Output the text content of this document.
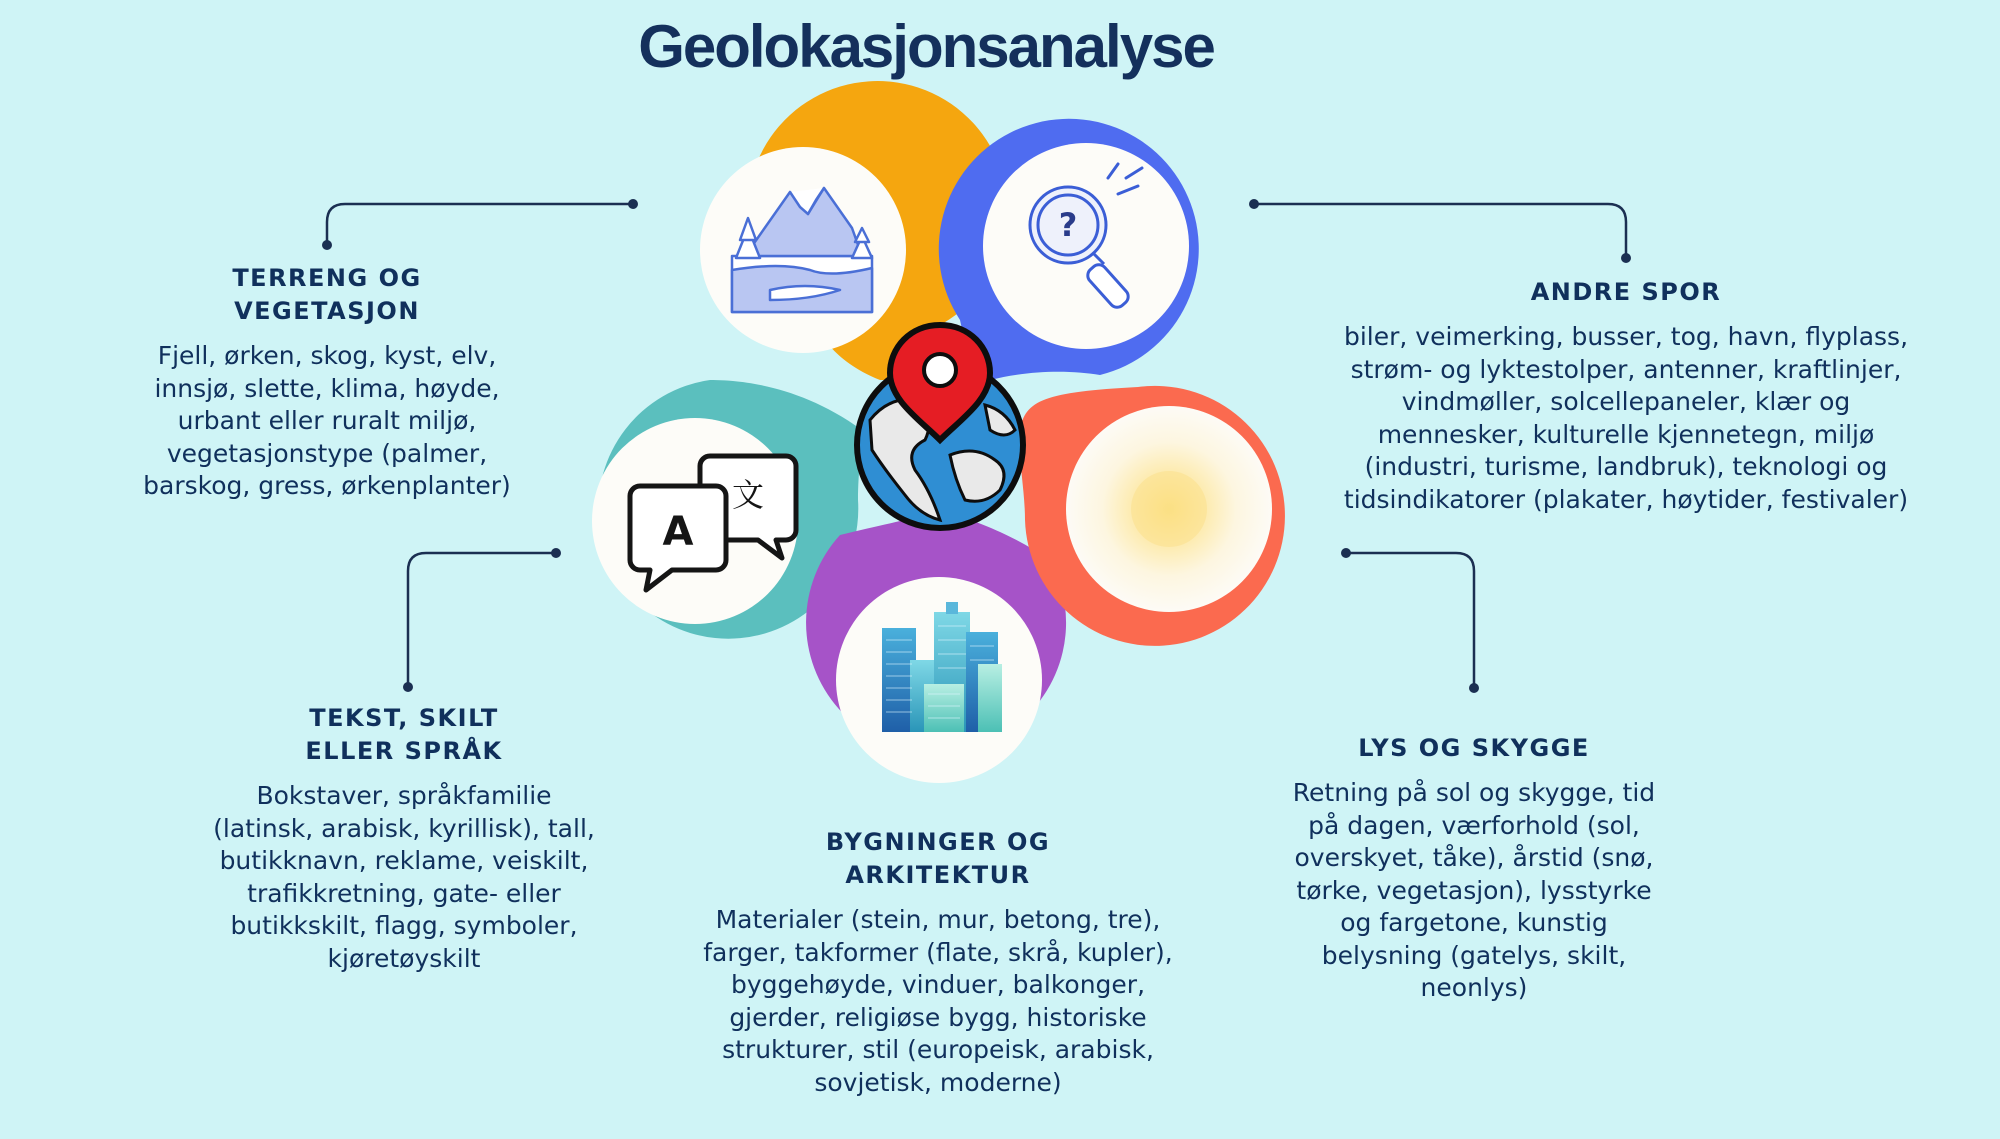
Geolokasjonsanalyse
?
A
文
TERRENG OG
VEGETASJON
Fjell, ørken, skog, kyst, elv,
innsjø, slette, klima, høyde,
urbant eller ruralt miljø,
vegetasjonstype (palmer,
barskog, gress, ørkenplanter)
ANDRE SPOR
biler, veimerking, busser, tog, havn, flyplass,
strøm- og lyktestolper, antenner, kraftlinjer,
vindmøller, solcellepaneler, klær og
mennesker, kulturelle kjennetegn, miljø
(industri, turisme, landbruk), teknologi og
tidsindikatorer (plakater, høytider, festivaler)
TEKST, SKILT
ELLER SPRÅK
Bokstaver, språkfamilie
(latinsk, arabisk, kyrillisk), tall,
butikknavn, reklame, veiskilt,
trafikkretning, gate- eller
butikkskilt, flagg, symboler,
kjøretøyskilt
LYS OG SKYGGE
Retning på sol og skygge, tid
på dagen, værforhold (sol,
overskyet, tåke), årstid (snø,
tørke, vegetasjon), lysstyrke
og fargetone, kunstig
belysning (gatelys, skilt,
neonlys)
BYGNINGER OG
ARKITEKTUR
Materialer (stein, mur, betong, tre),
farger, takformer (flate, skrå, kupler),
byggehøyde, vinduer, balkonger,
gjerder, religiøse bygg, historiske
strukturer, stil (europeisk, arabisk,
sovjetisk, moderne)
